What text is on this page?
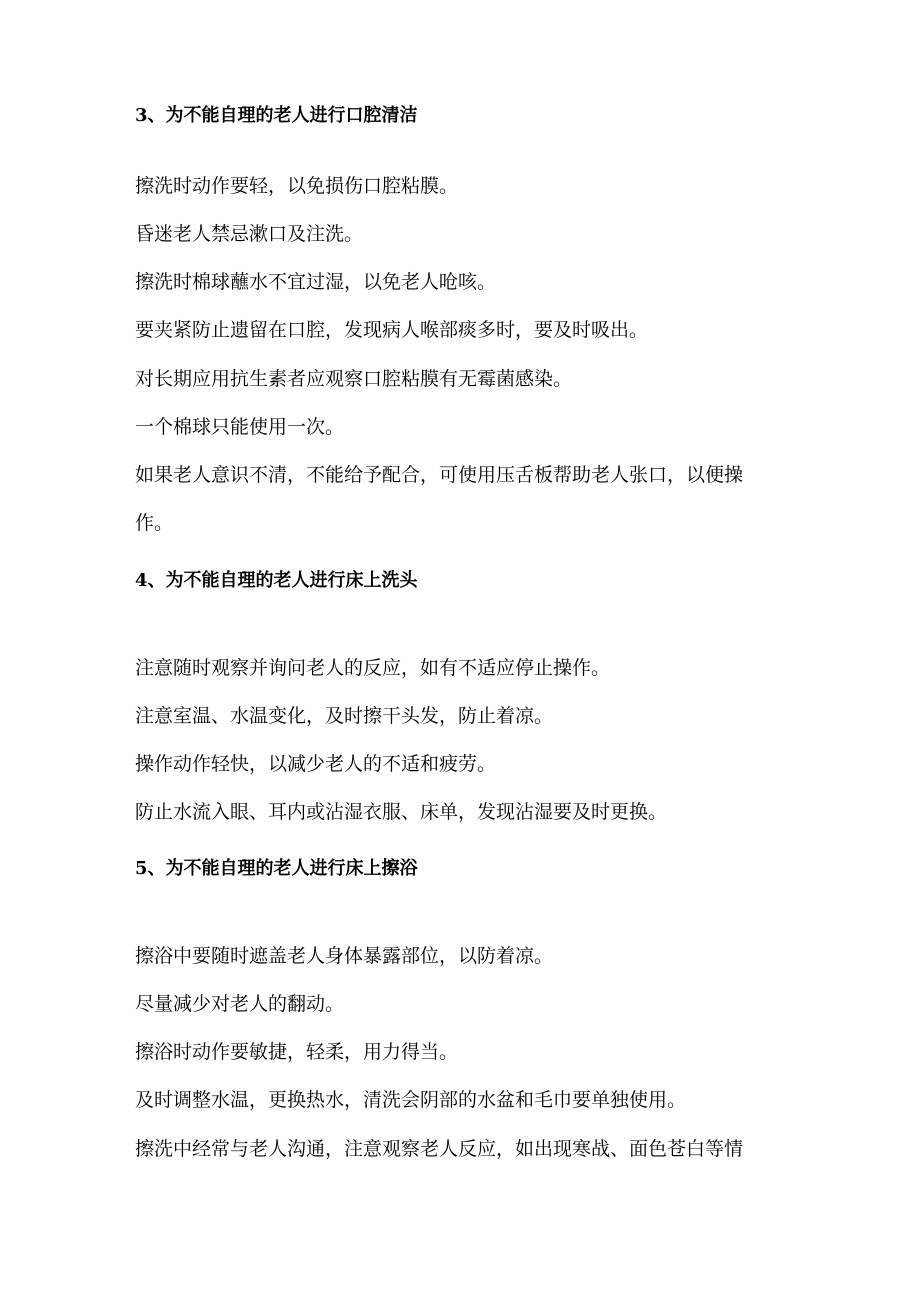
3、为不能自理的老人进行口腔清洁
擦洗时动作要轻，以免损伤口腔粘膜。
昏迷老人禁忌漱口及注洗。
擦洗时棉球蘸水不宜过湿，以免老人呛咳。
要夹紧防止遗留在口腔，发现病人喉部痰多时，要及时吸出。
对长期应用抗生素者应观察口腔粘膜有无霉菌感染。
一个棉球只能使用一次。
如果老人意识不清，不能给予配合，可使用压舌板帮助老人张口，以便操
作。
4、为不能自理的老人进行床上洗头
注意随时观察并询问老人的反应，如有不适应停止操作。
注意室温、水温变化，及时擦干头发，防止着凉。
操作动作轻快，以减少老人的不适和疲劳。
防止水流入眼、耳内或沾湿衣服、床单，发现沾湿要及时更换。
5、为不能自理的老人进行床上擦浴
擦浴中要随时遮盖老人身体暴露部位，以防着凉。
尽量减少对老人的翻动。
擦浴时动作要敏捷，轻柔，用力得当。
及时调整水温，更换热水，清洗会阴部的水盆和毛巾要单独使用。
擦洗中经常与老人沟通，注意观察老人反应，如出现寒战、面色苍白等情
